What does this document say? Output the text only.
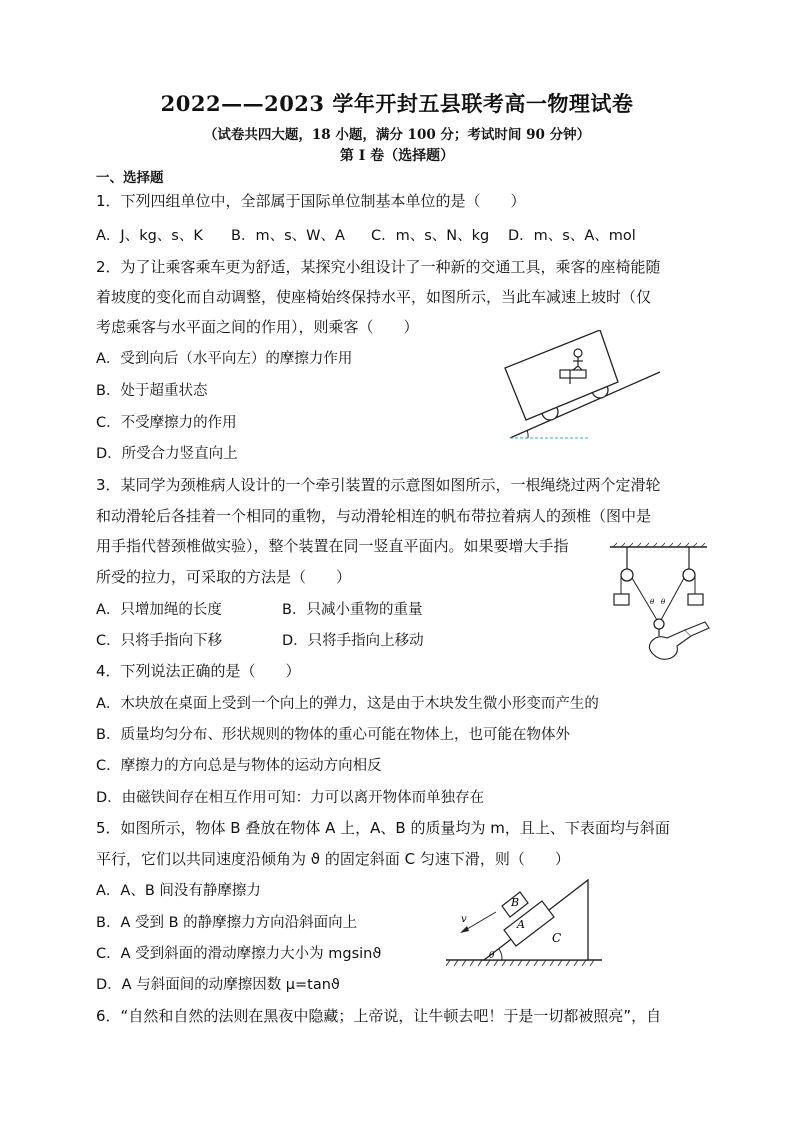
2022——2023 学年开封五县联考高一物理试卷
（试卷共四大题，18 小题，满分 100 分；考试时间 90 分钟）
第 I 卷（选择题）
一、选择题
1．下列四组单位中，全部属于国际单位制基本单位的是（　　）
A．J、kg、s、K B．m、s、W、A C．m、s、N、kg D．m、s、A、mol
2．为了让乘客乘车更为舒适，某探究小组设计了一种新的交通工具，乘客的座椅能随
着坡度的变化而自动调整，使座椅始终保持水平，如图所示，当此车减速上坡时（仅
考虑乘客与水平面之间的作用），则乘客（　　）
A．受到向后（水平向左）的摩擦力作用
B．处于超重状态
C．不受摩擦力的作用
D．所受合力竖直向上
3．某同学为颈椎病人设计的一个牵引装置的示意图如图所示，一根绳绕过两个定滑轮
和动滑轮后各挂着一个相同的重物，与动滑轮相连的帆布带拉着病人的颈椎（图中是
用手指代替颈椎做实验），整个装置在同一竖直平面内。如果要增大手指
所受的拉力，可采取的方法是（　　）
A．只增加绳的长度	B．只减小重物的重量
C．只将手指向下移	D．只将手指向上移动
θ θ
4．下列说法正确的是（　　）
A．木块放在桌面上受到一个向上的弹力，这是由于木块发生微小形变而产生的
B．质量均匀分布、形状规则的物体的重心可能在物体上，也可能在物体外
C．摩擦力的方向总是与物体的运动方向相反
D．由磁铁间存在相互作用可知：力可以离开物体而单独存在
5．如图所示，物体 B 叠放在物体 A 上，A、B 的质量均为 m，且上、下表面均与斜面
平行，它们以共同速度沿倾角为 ϑ 的固定斜面 C 匀速下滑，则（　　）
A．A、B 间没有静摩擦力
B．A 受到 B 的静摩擦力方向沿斜面向上
C．A 受到斜面的滑动摩擦力大小为 mgsinϑ
D．A 与斜面间的动摩擦因数 μ=tanϑ
B
A
C
v
θ
6．“自然和自然的法则在黑夜中隐藏；上帝说，让牛顿去吧！于是一切都被照亮”，自
